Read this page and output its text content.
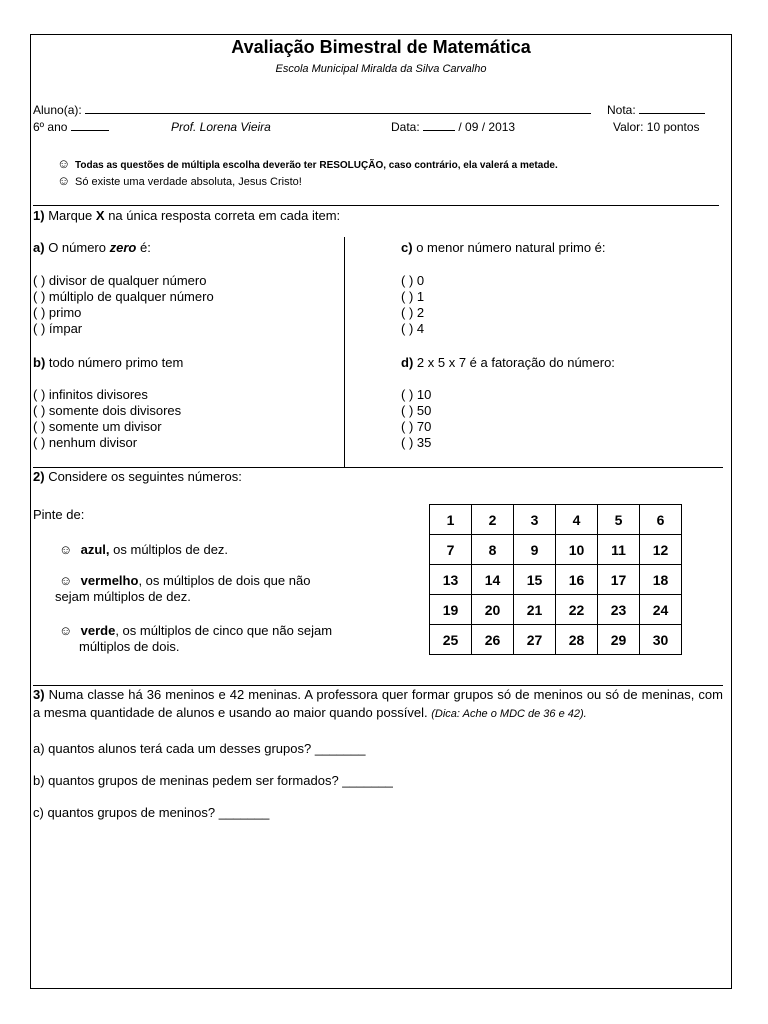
Avaliação Bimestral de Matemática
Escola Municipal Miralda da Silva Carvalho
Aluno(a):	Nota:
6º ano	Prof. Lorena Vieira	Data:	/ 09 / 2013	Valor: 10 pontos
☺ Todas as questões de múltipla escolha deverão ter RESOLUÇÃO, caso contrário, ela valerá a metade.
☺ Só existe uma verdade absoluta, Jesus Cristo!
1) Marque X na única resposta correta em cada item:
a) O número zero é:
( ) divisor de qualquer número
( ) múltiplo de qualquer número
( ) primo
( ) ímpar
b) todo número primo tem
( ) infinitos divisores
( ) somente dois divisores
( ) somente um divisor
( ) nenhum divisor
c) o menor número natural primo é:
( ) 0
( ) 1
( ) 2
( ) 4
d) 2 x 5 x 7 é a fatoração do número:
( ) 10
( ) 50
( ) 70
( ) 35
2) Considere os seguintes números:
Pinte de:
☺ azul, os múltiplos de dez.
☺ vermelho, os múltiplos de dois que não
sejam múltiplos de dez.
☺ verde, os múltiplos de cinco que não sejam
múltiplos de dois.
1	2	3	4	5	6
7	8	9	10	11	12
13	14	15	16	17	18
19	20	21	22	23	24
25	26	27	28	29	30
3) Numa classe há 36 meninos e 42 meninas. A professora quer formar grupos só de meninos ou só de meninas, com a mesma quantidade de alunos e usando ao maior quando possível. (Dica: Ache o MDC de 36 e 42).
a) quantos alunos terá cada um desses grupos? _______
b) quantos grupos de meninas pedem ser formados? _______
c) quantos grupos de meninos? _______
